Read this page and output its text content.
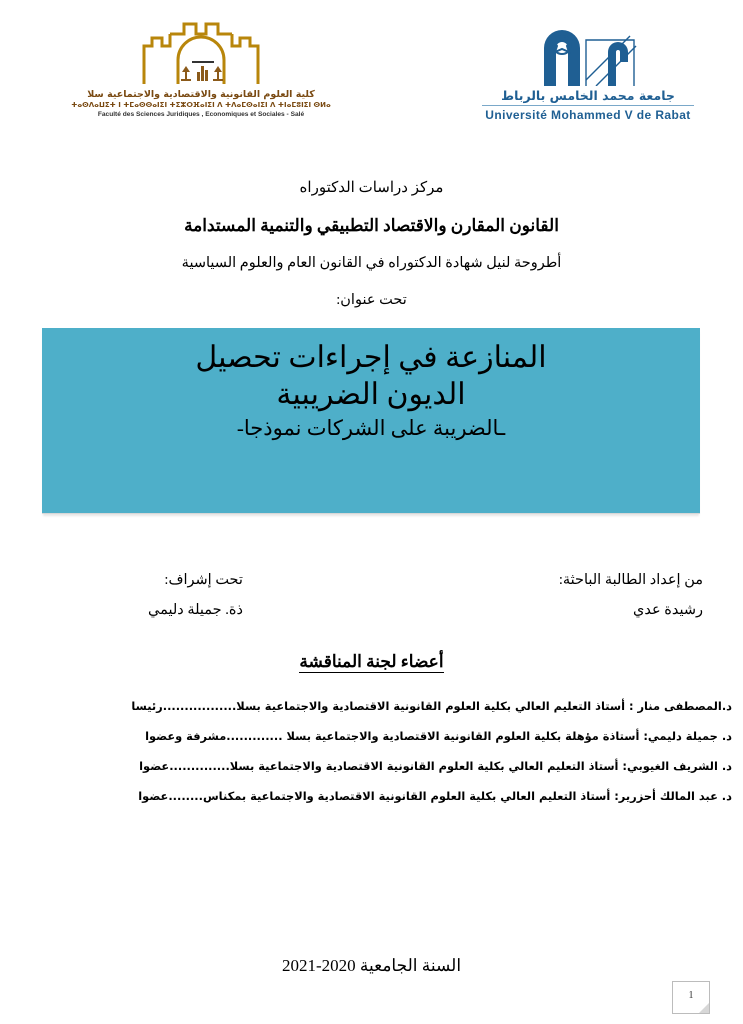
كلية العلوم القانونية والاقتصادية والاجتماعية سلا
ⵜⴰⵙⴷⴰⵡⵉⵜ ⵏ ⵜⵎⴰⵙⵙⴰⵏⵉⵏ ⵜⵉⵣⵔⴼⴰⵏⵉⵏ ⴷ ⵜⴷⴰⵎⵙⴰⵏⵉⵏ ⴷ ⵜⵏⴰⵎⵓⵏⵉⵏ ⵙⵍⴰ
Faculté des Sciences Juridiques , Economiques et Sociales - Salé
جامعة محمد الخامس بالرباط
Université Mohammed V de Rabat
مركز دراسات الدكتوراه
القانون المقارن والاقتصاد التطبيقي والتنمية المستدامة
أطروحة لنيل شهادة الدكتوراه في القانون العام والعلوم السياسية
تحت عنوان:
المنازعة في إجراءات تحصيل
الديون الضريبية
ـالضريبة على الشركات نموذجا-
من إعداد الطالبة الباحثة:
رشيدة عدي
تحت إشراف:
ذة. جميلة دليمي
أعضاء لجنة المناقشة
د.المصطفى منار : أستاذ التعليم العالي بكلية العلوم القانونية الاقتصادية والاجتماعية بسلا.................رئيسا
د. جميلة دليمي: أستاذة مؤهلة بكلية العلوم القانونية الاقتصادية والاجتماعية بسلا .............مشرفة وعضوا
د. الشريف الغيوبي: أستاذ التعليم العالي بكلية العلوم القانونية الاقتصادية والاجتماعية بسلا..............عضوا
د. عبد المالك أحزرير: أستاذ التعليم العالي بكلية العلوم القانونية الاقتصادية والاجتماعية بمكناس........عضوا
السنة الجامعية 2020-2021
1
